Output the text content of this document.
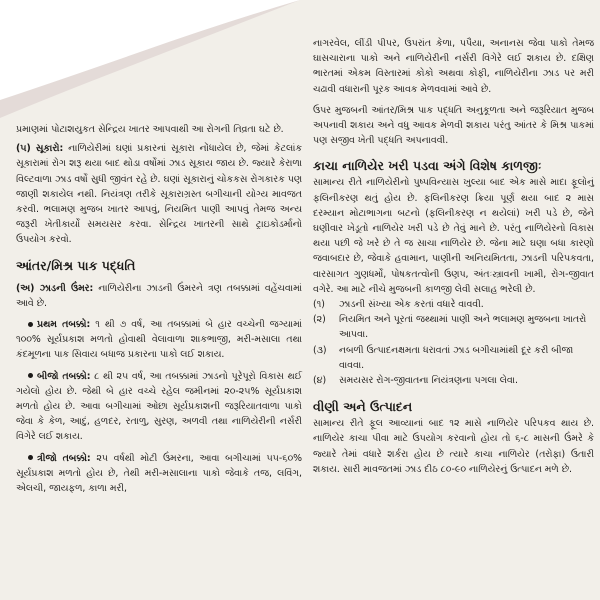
પ્રમાણમાં પોટાશયુકત સેન્દ્રિય ખાતર આપવાથી આ રોગની તિવ્રતા ઘટે છે.

(૫) સૂકારો: નાળિયેરીમાં ઘણાં પ્રકારનાં સૂકારા નોંધાયેલ છે, જેમાં કેટલાંક સૂકારામાં રોગ શરૂ થયા બાદ થોડા વર્ષોમાં ઝાડ સૂકાય જાય છે. જ્યારે કેરાળા વિલ્ટવાળા ઝાડ વર્ષો સુધી જીવંત રહે છે. ઘણાં સૂકારાનું ચોકકસ રોગકારક પણ જાણી શકાયેલ નથી. નિયંત્રણ તરીકે સૂકારાગ્રસ્ત બગીચાની યોગ્ય માવજત કરવી. ભલામણ મુજબ ખાતર આપવું, નિયમિત પાણી આપવું તેમજ અન્ય જરૂરી ખેતીકાર્યો સમયસર કરવા. સેન્દ્રિય ખાતરની સાથે ટ્રાઇકોડર્માનો ઉપયોગ કરવો.

આંતર/મિશ્ર પાક પદ્ધતિ

(અ) ઝાડની ઉંમર: નાળિયેરીના ઝાડની ઉંમરને ત્રણ તબક્કામાં વહેંચવામાં આવે છે.

પ્રથમ તબક્કો: ૧ થી ૭ વર્ષ, આ તબક્કામાં બે હાર વચ્ચેની જગ્યામાં ૧૦૦% સૂર્યપ્રકાશ મળતો હોવાથી વેલાવાળા શાકભાજી, મરી-મસાલા તથા કંદમૂળના પાક સિવાય બધાજ પ્રકારના પાકો લઈ શકાય.

બીજો તબક્કો: ૮ થી ૨૫ વર્ષ, આ તબક્કામાં ઝાડનો પૂરેપૂરો વિકાસ થઈ ગયેલો હોય છે. જેથી બે હાર વચ્ચે રહેલ જમીનમાં ૨૦-૨૫% સૂર્યપ્રકાશ મળતો હોય છે. આવા બગીચામાં ઓછા સૂર્યપ્રકાશની જરૂરિયાતવાળા પાકો જેવા કે કેળ, આદું, હળદર, રતાળુ, સુરણ, અળવી તથા નાળિયેરીની નર્સરી વિગેરે લઈ શકાય.

ત્રીજો તબક્કો: ૨૫ વર્ષથી મોટી ઉંમરના, આવા બગીચામાં ૫૫-૬૦% સૂર્યપ્રકાશ મળતો હોય છે, તેથી મરી-મસાલાના પાકો જેવાકે તજ, લવિંગ, એલચી, જાયફળ, કાળા મરી,

નાગરવેલ, લીંડી પીપર, ઉપરાંત કેળા, પપૈયા, અનાનસ જેવા પાકો તેમજ ઘાસચારાના પાકો અને નાળિયેરીની નર્સરી વિગેરે લઈ શકાય છે. દક્ષિણ ભારતમાં એકમ વિસ્તારમાં કોકો અથવા કોફી, નાળિયેરીના ઝાડ પર મરી ચઢાવી વધારાની પૂરક આવક મેળવવામાં આવે છે.

ઉપર મુજબની આંતર/મિશ્ર પાક પદ્ધતિ અનુકૂળતા અને જરૂરિયાત મુજબ અપનાવી શકાય અને વધુ આવક મેળવી શકાય પરંતુ આંતર કે મિશ્ર પાકમાં પણ સજીવ ખેતી પદ્ધતિ અપનાવવી.

કાચા નાળિયેર ખરી પડવા અંગે વિશેષ કાળજીઃ

સામાન્ય રીતે નાળિયેરીનો પુષ્પવિન્યાસ ખુલ્યા બાદ એક માસે માદા ફૂલોનું ફલિનીકરણ થતું હોય છે. ફલિનીકરણ ક્રિયા પૂર્ણ થયા બાદ ૨ માસ દરમ્યાન મોટાભાગના બટનો (ફલિનીકરણ ન થયેલાં) ખરી પડે છે, જેને ઘણીવાર ખેડૂતો નાળિયેર ખરી પડે છે તેવું માને છે. પરંતુ નાળિયેરનો વિકાસ થયા પછી જે ખરે છે તે જ સાચા નાળિયેર છે. જેના માટે ઘણા બધા કારણો જવાબદાર છે, જેવાકે હવામાન, પાણીની અનિયમિતતા, ઝાડની પરિપકવતા, વારસાગત ગુણધર્મો, પોષકતત્વોની ઉણપ, અંતઃસ્ત્રાવની ખામી, રોગ-જીવાત વગેરે. આ માટે નીચે મુજબની કાળજી લેવી સલાહ ભરેલી છે.

(૧)	ઝાડની સંખ્યા એક કરતાં વધારે વાવવી.
(૨)	નિયમિત અને પૂરતાં જથ્થામાં પાણી અને ભલામણ મુજબના ખાતરો આપવા.
(૩)	નબળી ઉત્પાદનક્ષમતા ધરાવતાં ઝાડ બગીચામાંથી દૂર કરી બીજા વાવવા.
(૪)	સમયસર રોગ-જીવાતના નિયંત્રણના પગલા લેવા.
વીણી અને ઉત્પાદન

સામાન્ય રીતે ફૂલ આવ્યાનાં બાદ ૧૨ માસે નાળિયેર પરિપકવ થાય છે. નાળિયેર કાચા પીવા માટે ઉપયોગ કરવાનો હોય તો ૬-૮ માસની ઉંમરે કે જ્યારે તેમાં વધારે શર્કરા હોય છે ત્યારે કાચા નાળિયેર (તરોફા) ઉતારી શકાય. સારી માવજતમાં ઝાડ દીઠ ૮૦-૯૦ નાળિયેરનું ઉત્પાદન મળે છે.
